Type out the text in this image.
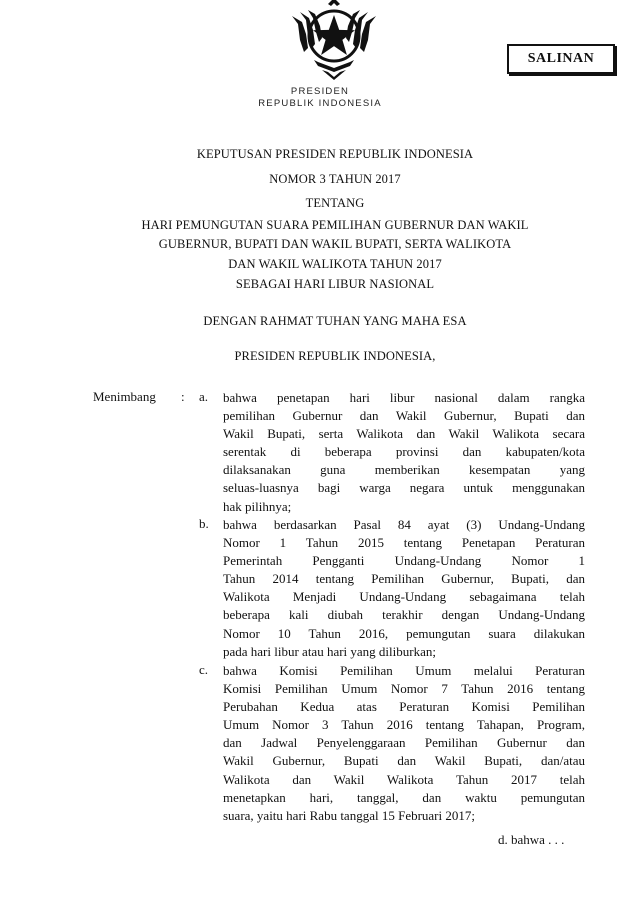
SALINAN
PRESIDEN
REPUBLIK INDONESIA
KEPUTUSAN PRESIDEN REPUBLIK INDONESIA
NOMOR 3 TAHUN 2017
TENTANG
HARI PEMUNGUTAN SUARA PEMILIHAN GUBERNUR DAN WAKIL
GUBERNUR, BUPATI DAN WAKIL BUPATI, SERTA WALIKOTA
DAN WAKIL WALIKOTA TAHUN 2017
SEBAGAI HARI LIBUR NASIONAL
DENGAN RAHMAT TUHAN YANG MAHA ESA
PRESIDEN REPUBLIK INDONESIA,
Menimbang : a. bahwa penetapan hari libur nasional dalam rangka
pemilihan Gubernur dan Wakil Gubernur, Bupati dan
Wakil Bupati, serta Walikota dan Wakil Walikota secara
serentak di beberapa provinsi dan kabupaten/kota
dilaksanakan guna memberikan kesempatan yang
seluas-luasnya bagi warga negara untuk menggunakan
hak pilihnya;
b. bahwa berdasarkan Pasal 84 ayat (3) Undang-Undang
Nomor 1 Tahun 2015 tentang Penetapan Peraturan
Pemerintah Pengganti Undang-Undang Nomor 1
Tahun 2014 tentang Pemilihan Gubernur, Bupati, dan
Walikota Menjadi Undang-Undang sebagaimana telah
beberapa kali diubah terakhir dengan Undang-Undang
Nomor 10 Tahun 2016, pemungutan suara dilakukan
pada hari libur atau hari yang diliburkan;
c. bahwa Komisi Pemilihan Umum melalui Peraturan
Komisi Pemilihan Umum Nomor 7 Tahun 2016 tentang
Perubahan Kedua atas Peraturan Komisi Pemilihan
Umum Nomor 3 Tahun 2016 tentang Tahapan, Program,
dan Jadwal Penyelenggaraan Pemilihan Gubernur dan
Wakil Gubernur, Bupati dan Wakil Bupati, dan/atau
Walikota dan Wakil Walikota Tahun 2017 telah
menetapkan hari, tanggal, dan waktu pemungutan
suara, yaitu hari Rabu tanggal 15 Februari 2017;
d. bahwa . . .
